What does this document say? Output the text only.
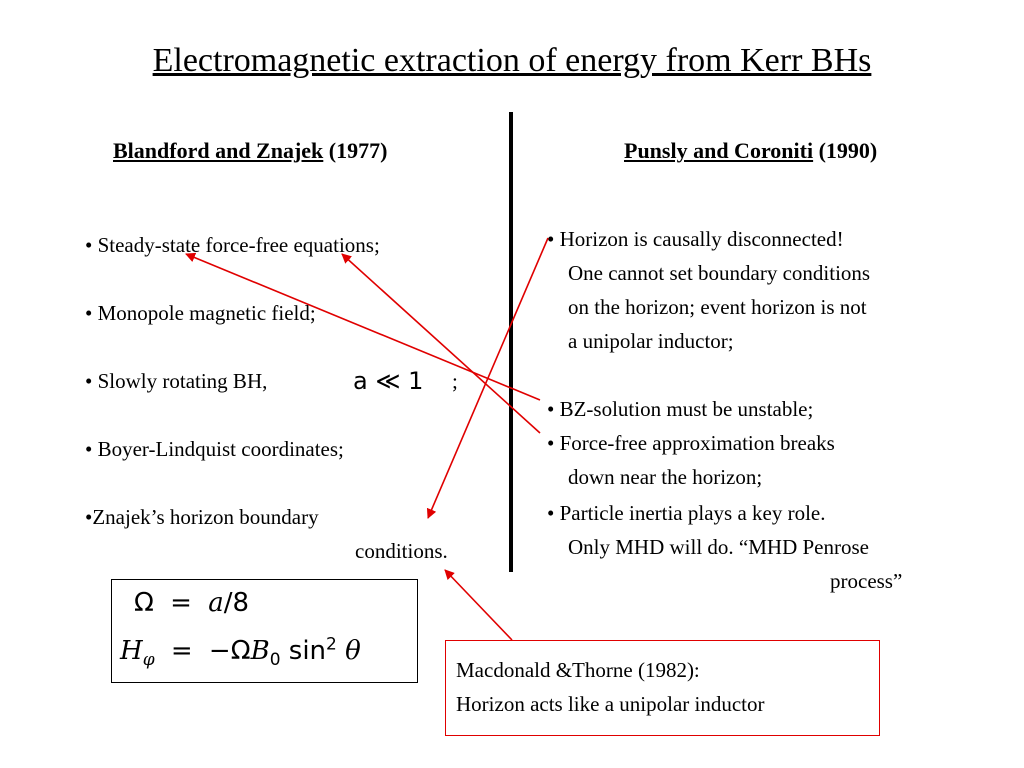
Electromagnetic extraction of energy from Kerr BHs
Blandford and Znajek (1977)	Punsly and Coroniti (1990)
• Steady-state force-free equations;
• Monopole magnetic field;
• Slowly rotating BH,	a ≪ 1 ;
• Boyer-Lindquist coordinates;
•Znajek’s horizon boundary
conditions.
• Horizon is causally disconnected!
One cannot set boundary conditions
on the horizon; event horizon is not
a unipolar inductor;
• BZ-solution must be unstable;
• Force-free approximation breaks
down near the horizon;
• Particle inertia plays a key role.
Only MHD will do. “MHD Penrose
process”
Ω = a/8
$H_\varphi = -\Omega B_0$ $\sin^2 \theta$
Macdonald &Thorne (1982):
Horizon acts like a unipolar inductor
